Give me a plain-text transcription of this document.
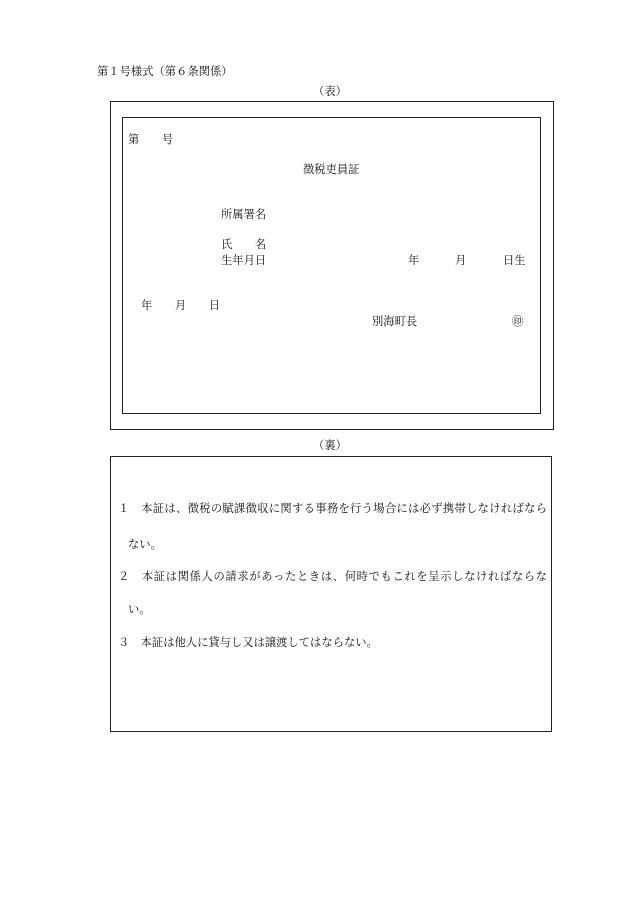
第１号様式（第６条関係）
（表）
第　　号
徴税吏員証
所属署名
氏　　名
生年月日	年	月	日生
年　　月　　日
別海町長	㊞
（裏）
１　本証は、徴税の賦課徴収に関する事務を行う場合には必ず携帯しなければなら
ない。
２　本証は関係人の請求があったときは、何時でもこれを呈示しなければならな
い。
３　本証は他人に貸与し又は譲渡してはならない。
